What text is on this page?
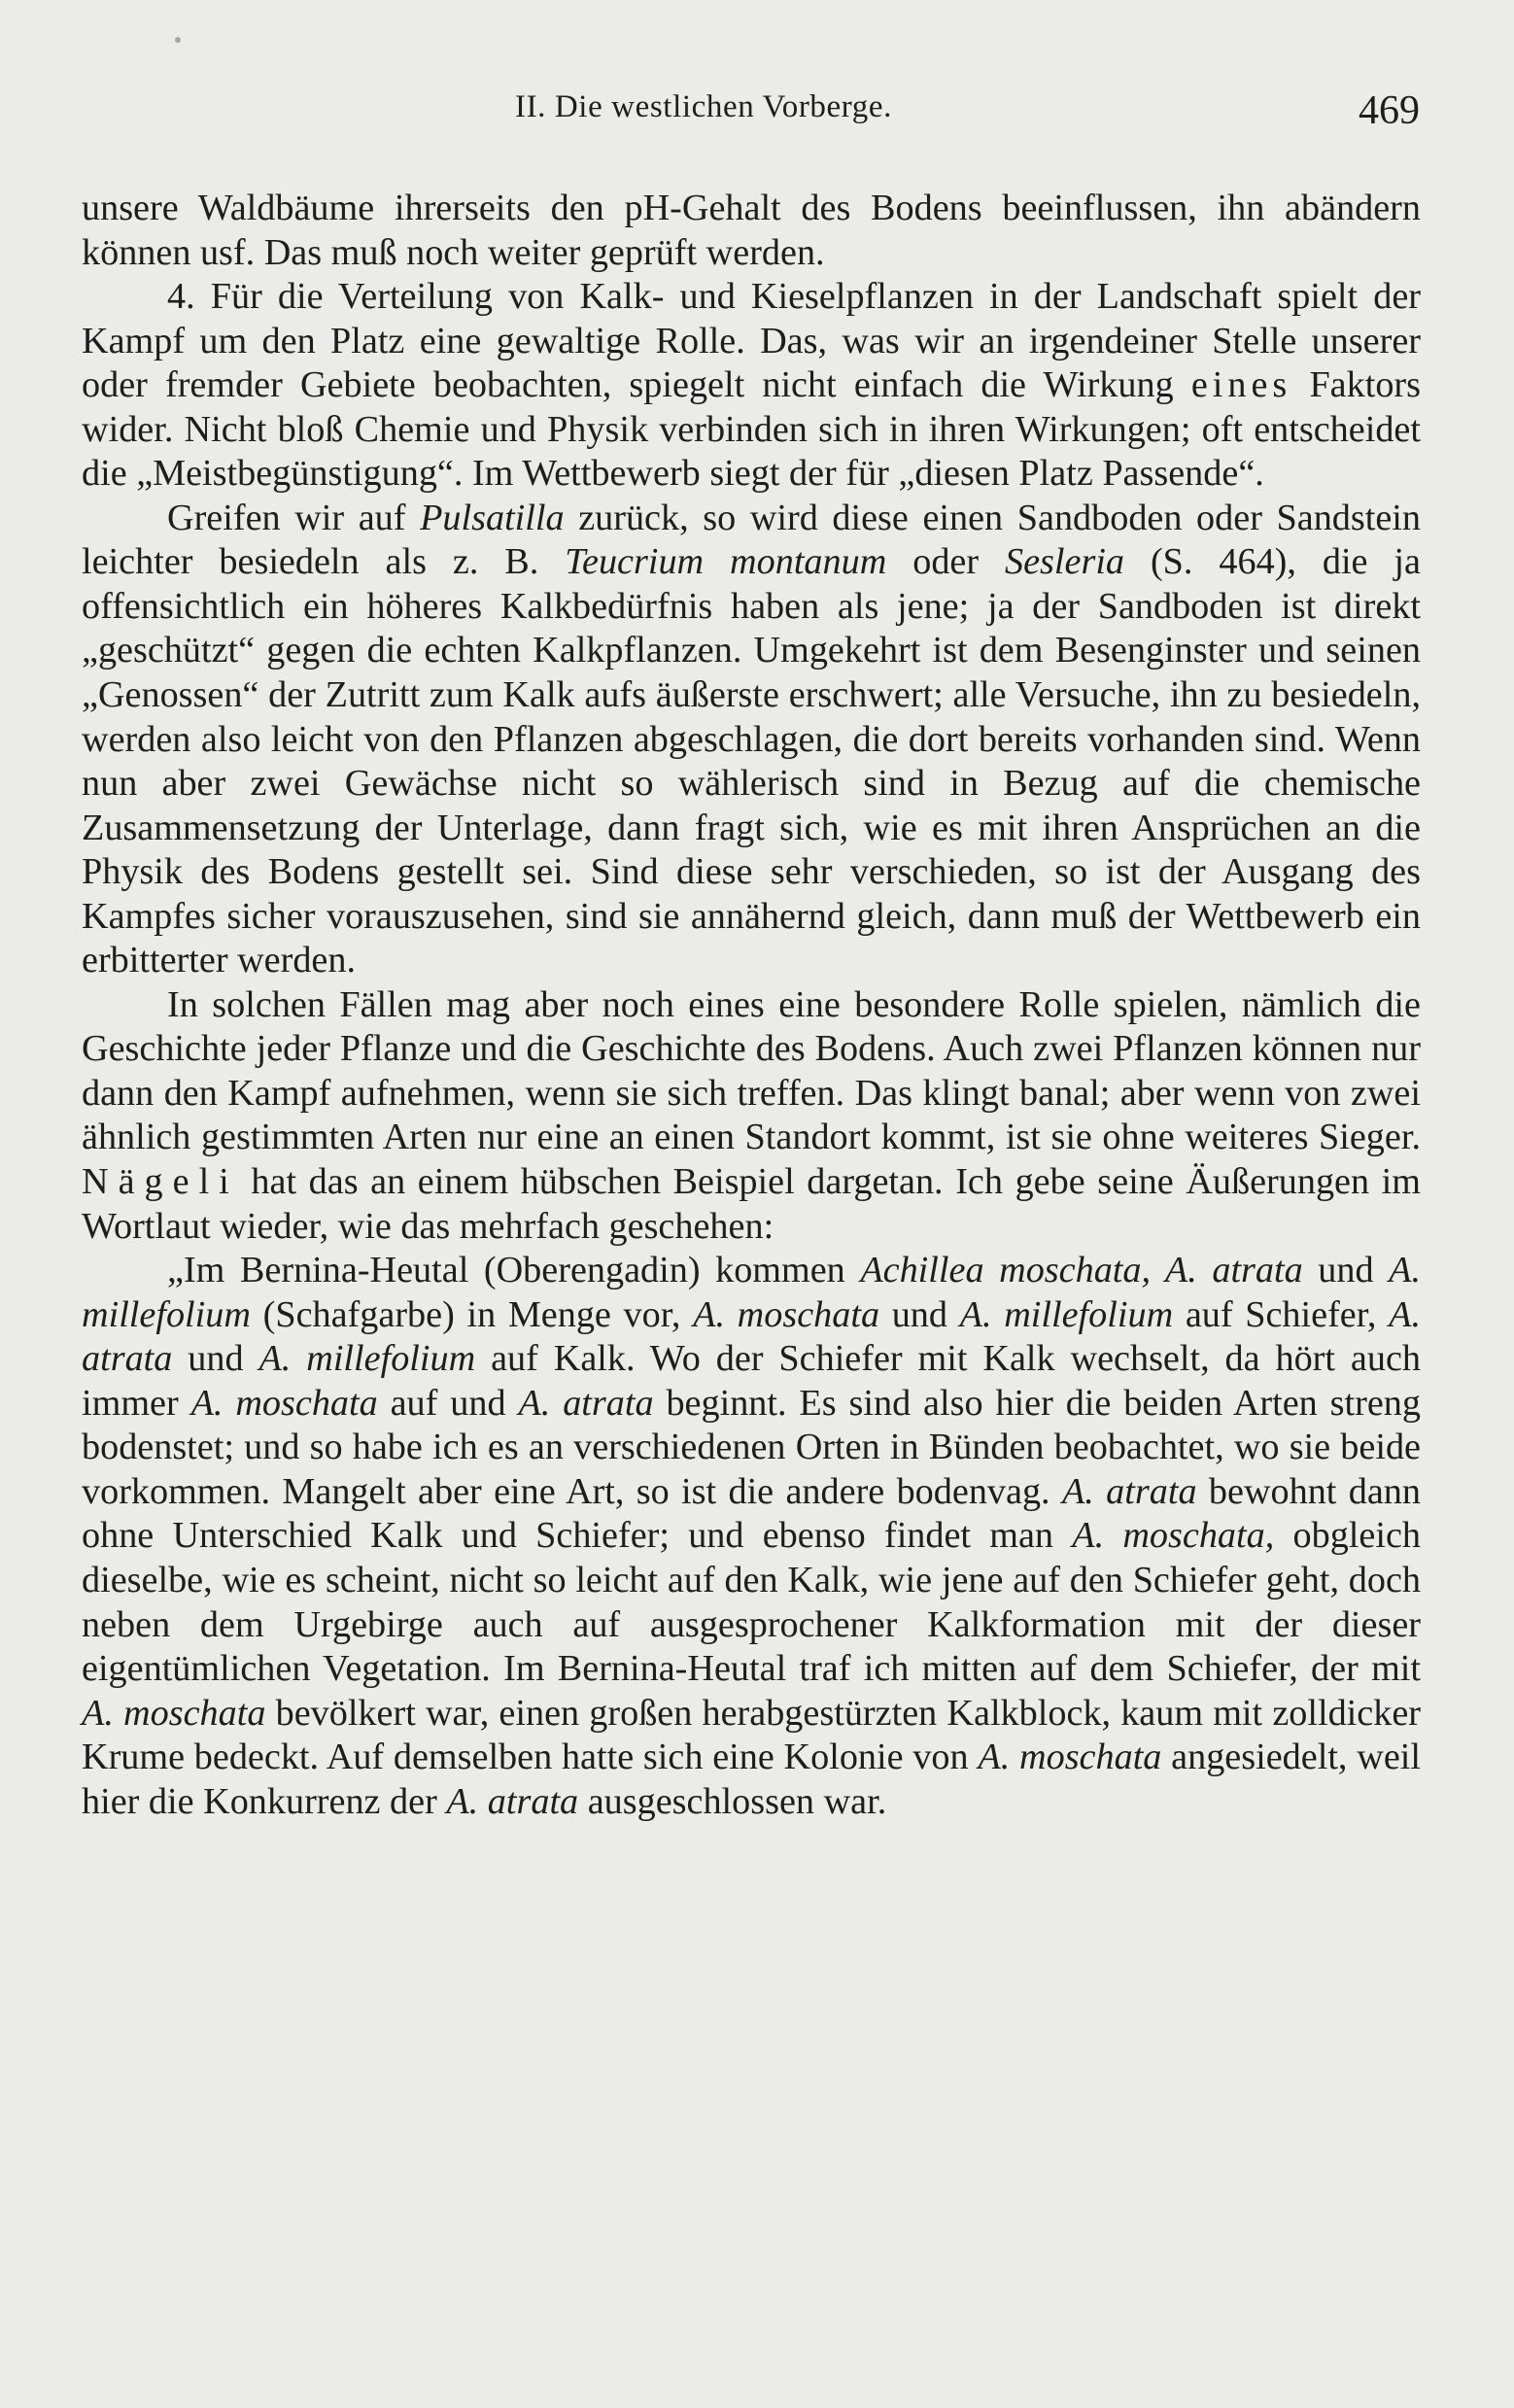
II. Die westlichen Vorberge.	469

unsere Waldbäume ihrerseits den pH-Gehalt des Bodens beeinflussen, ihn abändern können usf. Das muß noch weiter geprüft werden.

4. Für die Verteilung von Kalk- und Kieselpflanzen in der Landschaft spielt der Kampf um den Platz eine gewaltige Rolle. Das, was wir an irgendeiner Stelle unserer oder fremder Gebiete beobachten, spiegelt nicht einfach die Wirkung eines Faktors wider. Nicht bloß Chemie und Physik verbinden sich in ihren Wirkungen; oft entscheidet die „Meistbegünstigung“. Im Wettbewerb siegt der für „diesen Platz Passende“.

Greifen wir auf Pulsatilla zurück, so wird diese einen Sandboden oder Sandstein leichter besiedeln als z. B. Teucrium montanum oder Sesleria (S. 464), die ja offensichtlich ein höheres Kalkbedürfnis haben als jene; ja der Sandboden ist direkt „geschützt“ gegen die echten Kalkpflanzen. Umgekehrt ist dem Besenginster und seinen „Genossen“ der Zutritt zum Kalk aufs äußerste erschwert; alle Versuche, ihn zu besiedeln, werden also leicht von den Pflanzen abgeschlagen, die dort bereits vorhanden sind. Wenn nun aber zwei Gewächse nicht so wählerisch sind in Bezug auf die chemische Zusammensetzung der Unterlage, dann fragt sich, wie es mit ihren Ansprüchen an die Physik des Bodens gestellt sei. Sind diese sehr verschieden, so ist der Ausgang des Kampfes sicher vorauszusehen, sind sie annähernd gleich, dann muß der Wettbewerb ein erbitterter werden.

In solchen Fällen mag aber noch eines eine besondere Rolle spielen, nämlich die Geschichte jeder Pflanze und die Geschichte des Bodens. Auch zwei Pflanzen können nur dann den Kampf aufnehmen, wenn sie sich treffen. Das klingt banal; aber wenn von zwei ähnlich gestimmten Arten nur eine an einen Standort kommt, ist sie ohne weiteres Sieger. Nägeli hat das an einem hübschen Beispiel dargetan. Ich gebe seine Äußerungen im Wortlaut wieder, wie das mehrfach geschehen:

„Im Bernina-Heutal (Oberengadin) kommen Achillea moschata, A. atrata und A. millefolium (Schafgarbe) in Menge vor, A. moschata und A. millefolium auf Schiefer, A. atrata und A. millefolium auf Kalk. Wo der Schiefer mit Kalk wechselt, da hört auch immer A. moschata auf und A. atrata beginnt. Es sind also hier die beiden Arten streng bodenstet; und so habe ich es an verschiedenen Orten in Bünden beobachtet, wo sie beide vorkommen. Mangelt aber eine Art, so ist die andere bodenvag. A. atrata bewohnt dann ohne Unterschied Kalk und Schiefer; und ebenso findet man A. moschata, obgleich dieselbe, wie es scheint, nicht so leicht auf den Kalk, wie jene auf den Schiefer geht, doch neben dem Urgebirge auch auf ausgesprochener Kalkformation mit der dieser eigentümlichen Vegetation. Im Bernina-Heutal traf ich mitten auf dem Schiefer, der mit A. moschata bevölkert war, einen großen herabgestürzten Kalkblock, kaum mit zolldicker Krume bedeckt. Auf demselben hatte sich eine Kolonie von A. moschata angesiedelt, weil hier die Konkurrenz der A. atrata ausgeschlossen war.
